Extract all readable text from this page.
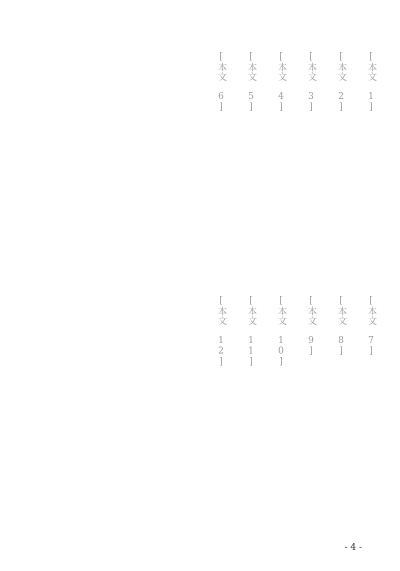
[本文 1]

[本文 2]

[本文 3]

[本文 4]

[本文 5]

[本文 6]

[本文 7]

[本文 8]

[本文 9]

[本文 10]

[本文 11]

[本文 12]

- 4 -
